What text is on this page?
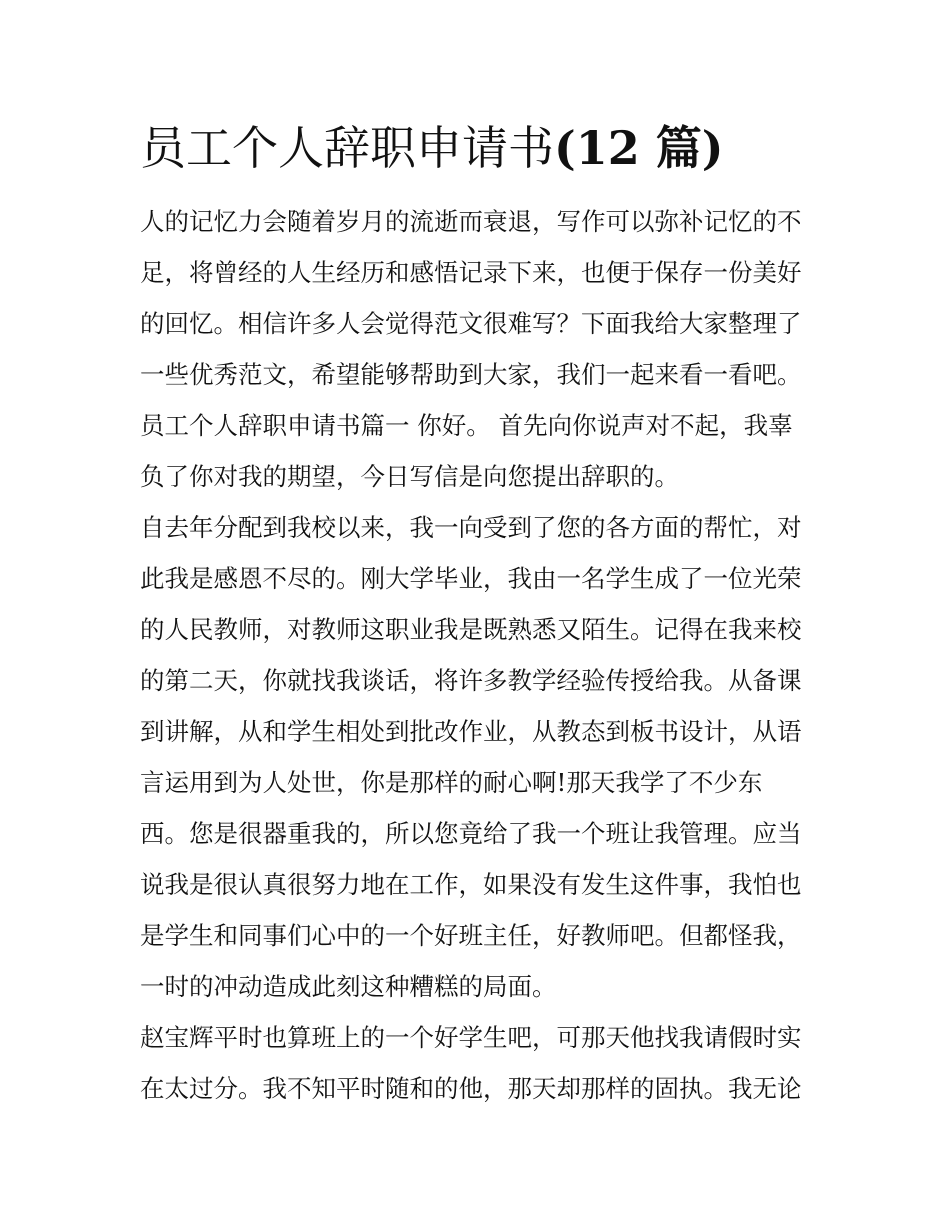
员工个人辞职申请书(12 篇)
人的记忆力会随着岁月的流逝而衰退，写作可以弥补记忆的不
足，将曾经的人生经历和感悟记录下来，也便于保存一份美好
的回忆。相信许多人会觉得范文很难写？下面我给大家整理了
一些优秀范文，希望能够帮助到大家，我们一起来看一看吧。
员工个人辞职申请书篇一 你好。 首先向你说声对不起，我辜
负了你对我的期望，今日写信是向您提出辞职的。
自去年分配到我校以来，我一向受到了您的各方面的帮忙，对
此我是感恩不尽的。刚大学毕业，我由一名学生成了一位光荣
的人民教师，对教师这职业我是既熟悉又陌生。记得在我来校
的第二天，你就找我谈话，将许多教学经验传授给我。从备课
到讲解，从和学生相处到批改作业，从教态到板书设计，从语
言运用到为人处世，你是那样的耐心啊!那天我学了不少东
西。您是很器重我的，所以您竟给了我一个班让我管理。应当
说我是很认真很努力地在工作，如果没有发生这件事，我怕也
是学生和同事们心中的一个好班主任，好教师吧。但都怪我，
一时的冲动造成此刻这种糟糕的局面。
赵宝辉平时也算班上的一个好学生吧，可那天他找我请假时实
在太过分。我不知平时随和的他，那天却那样的固执。我无论
